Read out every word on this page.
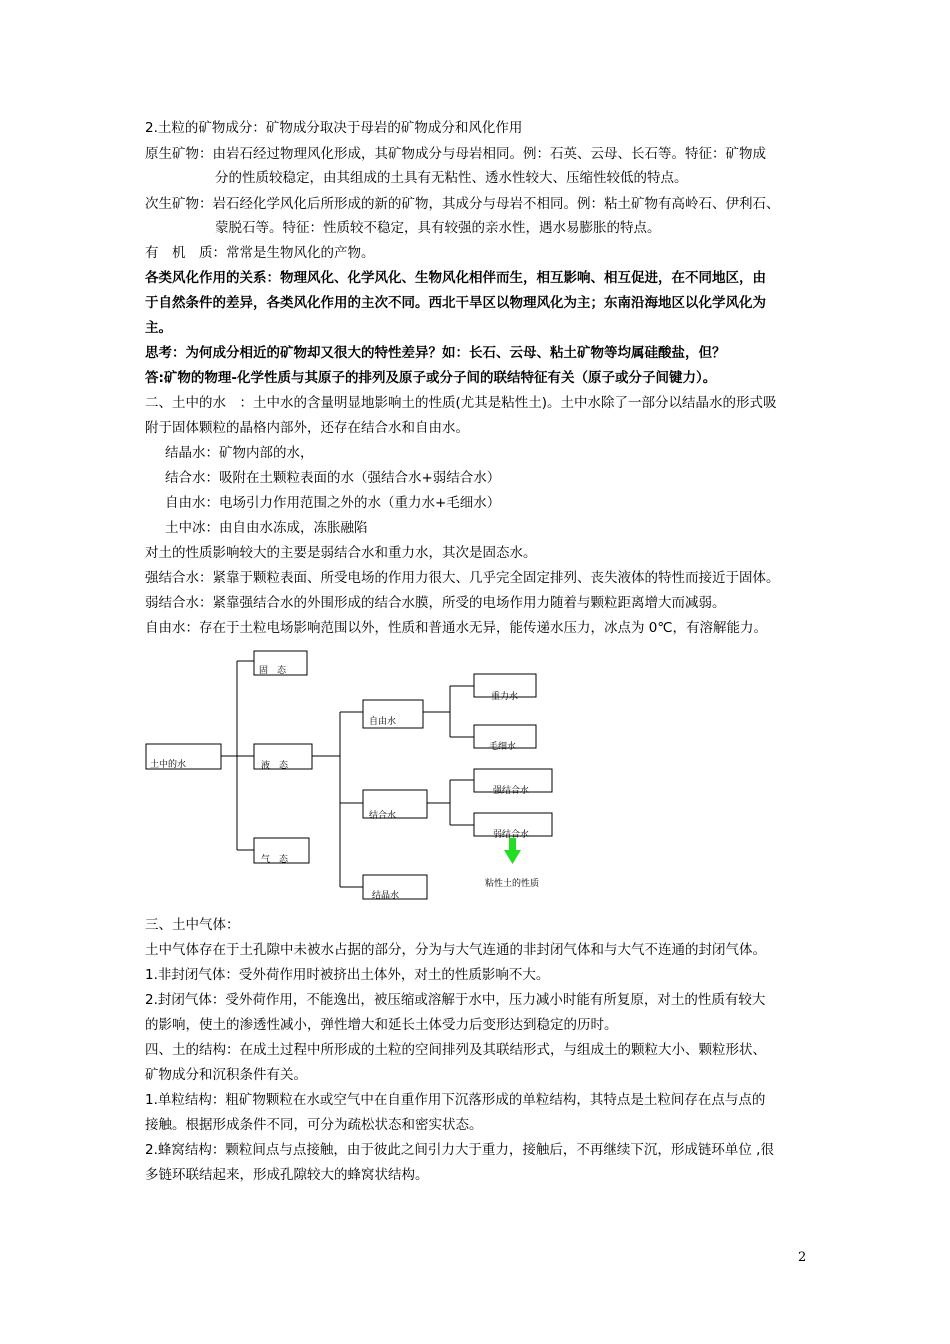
2.土粒的矿物成分：矿物成分取决于母岩的矿物成分和风化作用
原生矿物：由岩石经过物理风化形成，其矿物成分与母岩相同。例：石英、云母、长石等。特征：矿物成
分的性质较稳定，由其组成的土具有无粘性、透水性较大、压缩性较低的特点。
次生矿物：岩石经化学风化后所形成的新的矿物，其成分与母岩不相同。例：粘土矿物有高岭石、伊利石、
蒙脱石等。特征：性质较不稳定，具有较强的亲水性，遇水易膨胀的特点。
有　机　质：常常是生物风化的产物。
各类风化作用的关系：物理风化、化学风化、生物风化相伴而生，相互影响、相互促进，在不同地区，由
于自然条件的差异，各类风化作用的主次不同。西北干旱区以物理风化为主；东南沿海地区以化学风化为
主。
思考：为何成分相近的矿物却又很大的特性差异？如：长石、云母、粘土矿物等均属硅酸盐，但？
答:矿物的物理-化学性质与其原子的排列及原子或分子间的联结特征有关（原子或分子间键力）。
二、土中的水　：土中水的含量明显地影响土的性质(尤其是粘性土)。土中水除了一部分以结晶水的形式吸
附于固体颗粒的晶格内部外，还存在结合水和自由水。
结晶水：矿物内部的水，
结合水：吸附在土颗粒表面的水（强结合水+弱结合水）
自由水：电场引力作用范围之外的水（重力水+毛细水）
土中冰：由自由水冻成，冻胀融陷
对土的性质影响较大的主要是弱结合水和重力水，其次是固态水。
强结合水：紧靠于颗粒表面、所受电场的作用力很大、几乎完全固定排列、丧失液体的特性而接近于固体。
弱结合水：紧靠强结合水的外围形成的结合水膜，所受的电场作用力随着与颗粒距离增大而减弱。
自由水：存在于土粒电场影响范围以外，性质和普通水无异，能传递水压力，冰点为 0℃，有溶解能力。
土中的水
固　态
液　态
气　态
自由水
结合水
结晶水
重力水
毛细水
强结合水
弱结合水
粘性土的性质
三、土中气体：
土中气体存在于土孔隙中未被水占据的部分，分为与大气连通的非封闭气体和与大气不连通的封闭气体。
1.非封闭气体：受外荷作用时被挤出土体外，对土的性质影响不大。
2.封闭气体：受外荷作用，不能逸出，被压缩或溶解于水中，压力减小时能有所复原，对土的性质有较大
的影响，使土的渗透性减小，弹性增大和延长土体受力后变形达到稳定的历时。
四、土的结构：在成土过程中所形成的土粒的空间排列及其联结形式，与组成土的颗粒大小、颗粒形状、
矿物成分和沉积条件有关。
1.单粒结构：粗矿物颗粒在水或空气中在自重作用下沉落形成的单粒结构，其特点是土粒间存在点与点的
接触。根据形成条件不同，可分为疏松状态和密实状态。
2.蜂窝结构：颗粒间点与点接触，由于彼此之间引力大于重力，接触后，不再继续下沉，形成链环单位 ,很
多链环联结起来，形成孔隙较大的蜂窝状结构。
2
